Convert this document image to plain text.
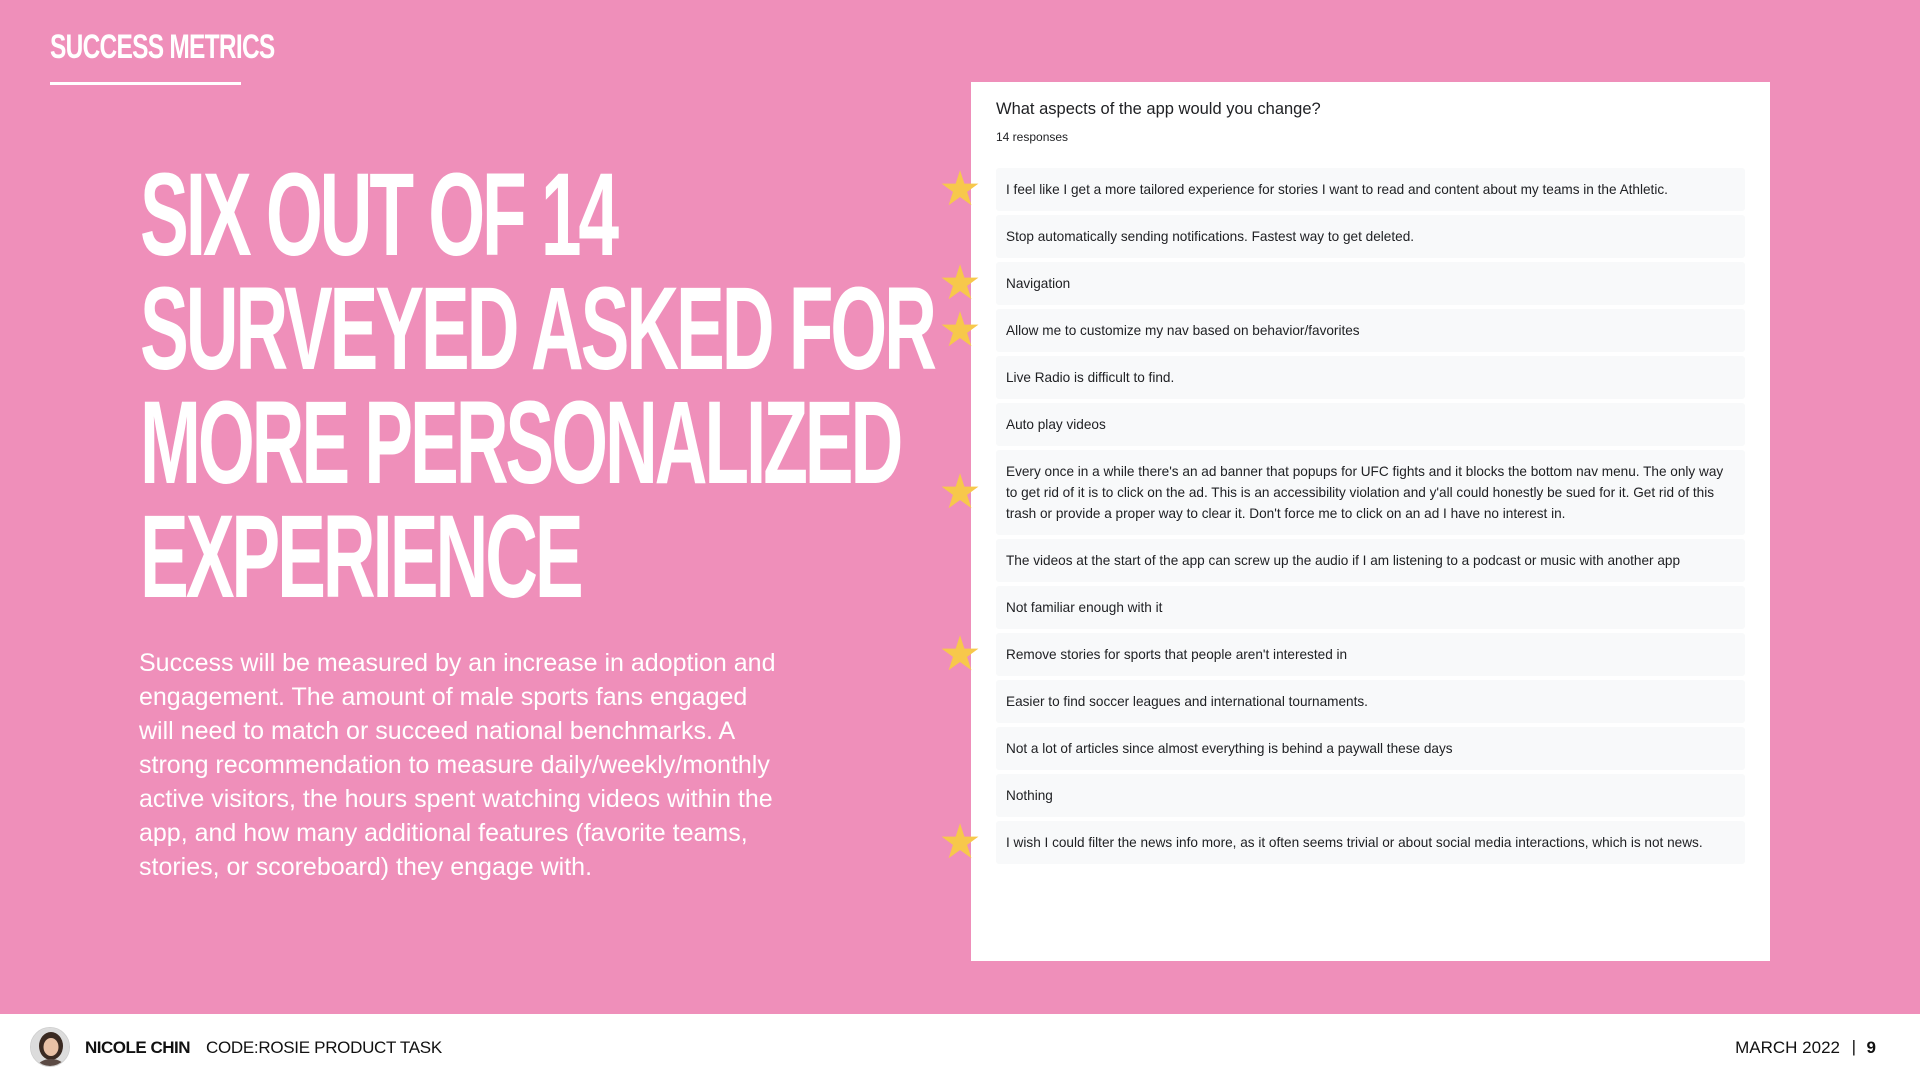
SUCCESS METRICS
SIX OUT OF 14
SURVEYED ASKED FOR
MORE PERSONALIZED
EXPERIENCE
Success will be measured by an increase in adoption and engagement. The amount of male sports fans engaged will need to match or succeed national benchmarks. A strong recommendation to measure daily/weekly/monthly active visitors, the hours spent watching videos within the app, and how many additional features (favorite teams, stories, or scoreboard) they engage with.
What aspects of the app would you change?
14 responses
I feel like I get a more tailored experience for stories I want to read and content about my teams in the Athletic.
★
Stop automatically sending notifications. Fastest way to get deleted.
Navigation
★
Allow me to customize my nav based on behavior/favorites
★
Live Radio is difficult to find.
Auto play videos
Every once in a while there's an ad banner that popups for UFC fights and it blocks the bottom nav menu. The only way to get rid of it is to click on the ad. This is an accessibility violation and y'all could honestly be sued for it. Get rid of this trash or provide a proper way to clear it. Don't force me to click on an ad I have no interest in.
★
The videos at the start of the app can screw up the audio if I am listening to a podcast or music with another app
Not familiar enough with it
Remove stories for sports that people aren't interested in
★
Easier to find soccer leagues and international tournaments.
Not a lot of articles since almost everything is behind a paywall these days
Nothing
I wish I could filter the news info more, as it often seems trivial or about social media interactions, which is not news.
★
NICOLE CHIN CODE:ROSIE PRODUCT TASK	MARCH 2022 | 9
